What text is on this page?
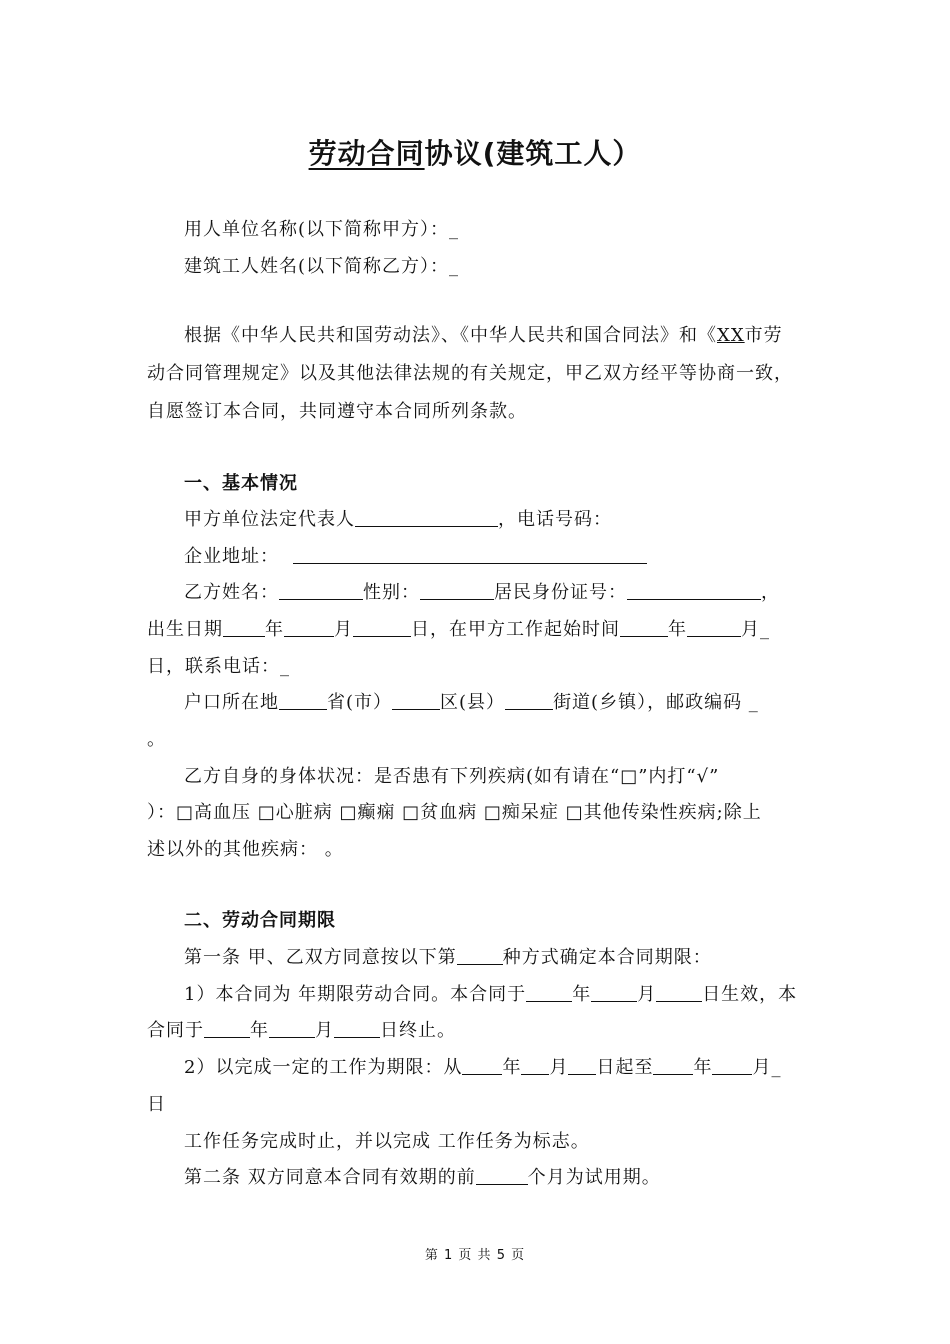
劳动合同协议(建筑工人）
用人单位名称(以下简称甲方）：_
建筑工人姓名(以下简称乙方）：_
根据《中华人民共和国劳动法》、《中华人民共和国合同法》和《XX市劳
动合同管理规定》以及其他法律法规的有关规定，甲乙双方经平等协商一致，
自愿签订本合同，共同遵守本合同所列条款。
一、基本情况
甲方单位法定代表人	，电话号码：
企业地址：
乙方姓名：	性别：	居民身份证号：	，
出生日期 年	月	日，在甲方工作起始时间	年	月_
日，联系电话：_
户口所在地	省(市）	区(县）	街道(乡镇），邮政编码 _
。
乙方自身的身体状况：是否患有下列疾病(如有请在“□”内打“√”
）：□高血压 □心脏病 □癫痫 □贫血病 □痴呆症 □其他传染性疾病;除上
述以外的其他疾病： 。
二、劳动合同期限
第一条 甲、乙双方同意按以下第	种方式确定本合同期限：
1）本合同为 年期限劳动合同。本合同于	年	月	日生效，本
合同于	年	月	日终止。
2）以完成一定的工作为期限：从 年 月 日起至 年 月_
日
工作任务完成时止，并以完成 工作任务为标志。
第二条 双方同意本合同有效期的前	个月为试用期。
第 1 页 共 5 页
